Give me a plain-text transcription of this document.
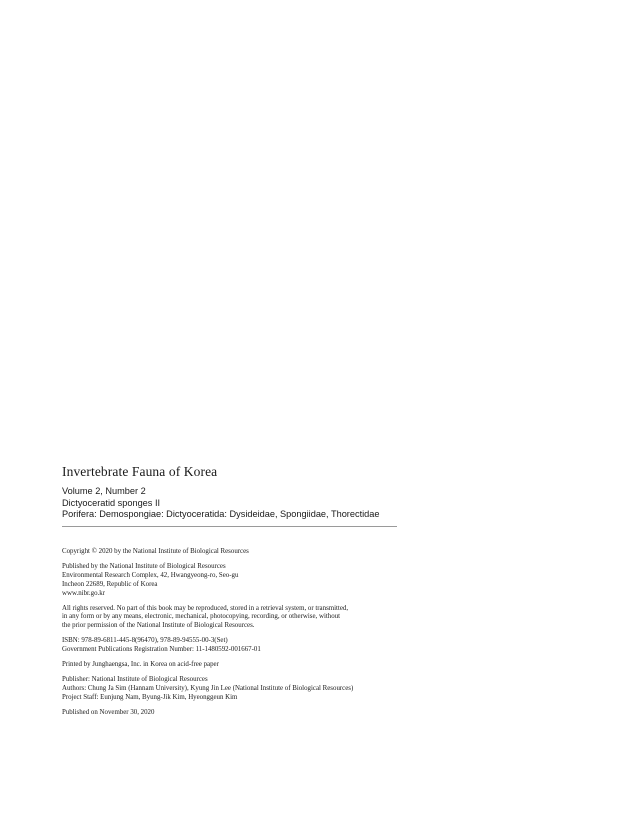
Invertebrate Fauna of Korea
Volume 2, Number 2
Dictyoceratid sponges II
Porifera: Demospongiae: Dictyoceratida: Dysideidae, Spongiidae, Thorectidae
Copyright © 2020 by the National Institute of Biological Resources
Published by the National Institute of Biological Resources
Environmental Research Complex, 42, Hwangyeong-ro, Seo-gu
Incheon 22689, Republic of Korea
www.nibr.go.kr
All rights reserved. No part of this book may be reproduced, stored in a retrieval system, or transmitted,
in any form or by any means, electronic, mechanical, photocopying, recording, or otherwise, without
the prior permission of the National Institute of Biological Resources.
ISBN: 978-89-6811-445-8(96470), 978-89-94555-00-3(Set)
Government Publications Registration Number: 11-1480592-001667-01
Printed by Junghaengsa, Inc. in Korea on acid-free paper
Publisher: National Institute of Biological Resources
Authors: Chung Ja Sim (Hannam University), Kyung Jin Lee (National Institute of Biological Resources)
Project Staff: Eunjung Nam, Byung-Jik Kim, Hyeonggeun Kim
Published on November 30, 2020
